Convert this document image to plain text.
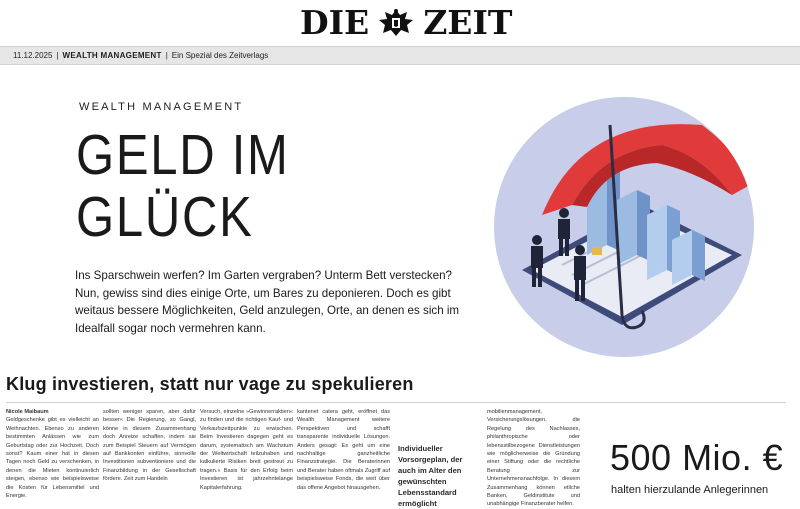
DIE ZEIT
11.12.2025 | WEALTH MANAGEMENT | Ein Spezial des Zeitverlags
WEALTH MANAGEMENT
GELD IM
GLÜCK

Ins Sparschwein werfen? Im Garten vergraben? Unterm Bett verstecken? Nun, gewiss sind dies einige Orte, um Bares zu deponieren. Doch es gibt weitaus bessere Möglichkeiten, Geld anzulegen, Orte, an denen es sich im Idealfall sogar noch vermehren kann.

Klug investieren, statt nur vage zu spekulieren
Nicole Maibaum
Geldgeschenke gibt es vielleicht an Weihnachten. Ebenso zu anderen bestimmten Anlässen wie zum Geburtstag oder zur Hochzeit. Doch sonst? Kaum einer hat in diesen Tagen noch Geld zu verschenken, in denen die Mieten kontinuierlich steigen, ebenso wie beispielsweise die Kosten für Lebensmittel und Energie.
sollten weniger sparen, aber dafür besser« Die Regierung, so Gangl, könne in diesem Zusammenhang doch Anreize schaffen, indem sie zum Beispiel Steuern auf Vermögen auf Bankkonten einführe, sinnvolle Investitionen subventioniere und die Finanzbildung in der Gesellschaft fördere. Zeit zum Handeln
Versuch, einzelne »Gewinnerraktien« zu finden und die richtigen Kauf- und Verkaufszeitpunkte zu erwischen. Beim Investieren dagegen geht es darum, systematisch am Wachstum der Weltwirtschaft teilzuhaben und kalkulierte Risiken breit gestreut zu tragen.« Basis für den Erfolg beim Investieren ist jahrzehntelange Kapitalerfahrung.
kantenet catera geht, eröffnet das Wealth Management weitere Perspektiven und schafft transparente individuelle Lösungen. Anders gesagt: Es geht um eine nachhaltige ganzheitliche Finanzstrategie. Die Beraterinnen und Berater haben oftmals Zugriff auf beispielsweise Fonds, die weit über das offene Angebot hinausgehen.
mobilienmanagement, Versicherungslösungen, die Regelung des Nachlasses, philanthropische oder lebensstilbezogene Dienstleistungen wie möglicherweise die Gründung einer Stiftung oder die rechtliche Beratung zur Unternehmensnachfolge. In diesem Zusammenhang können etliche Banken, Geldinstitute und unabhängige Finanzberater helfen.
Individueller Vorsorgeplan, der auch im Alter den gewünschten Lebensstandard ermöglicht
500 Mio. €
halten hierzulande Anlegerinnen
